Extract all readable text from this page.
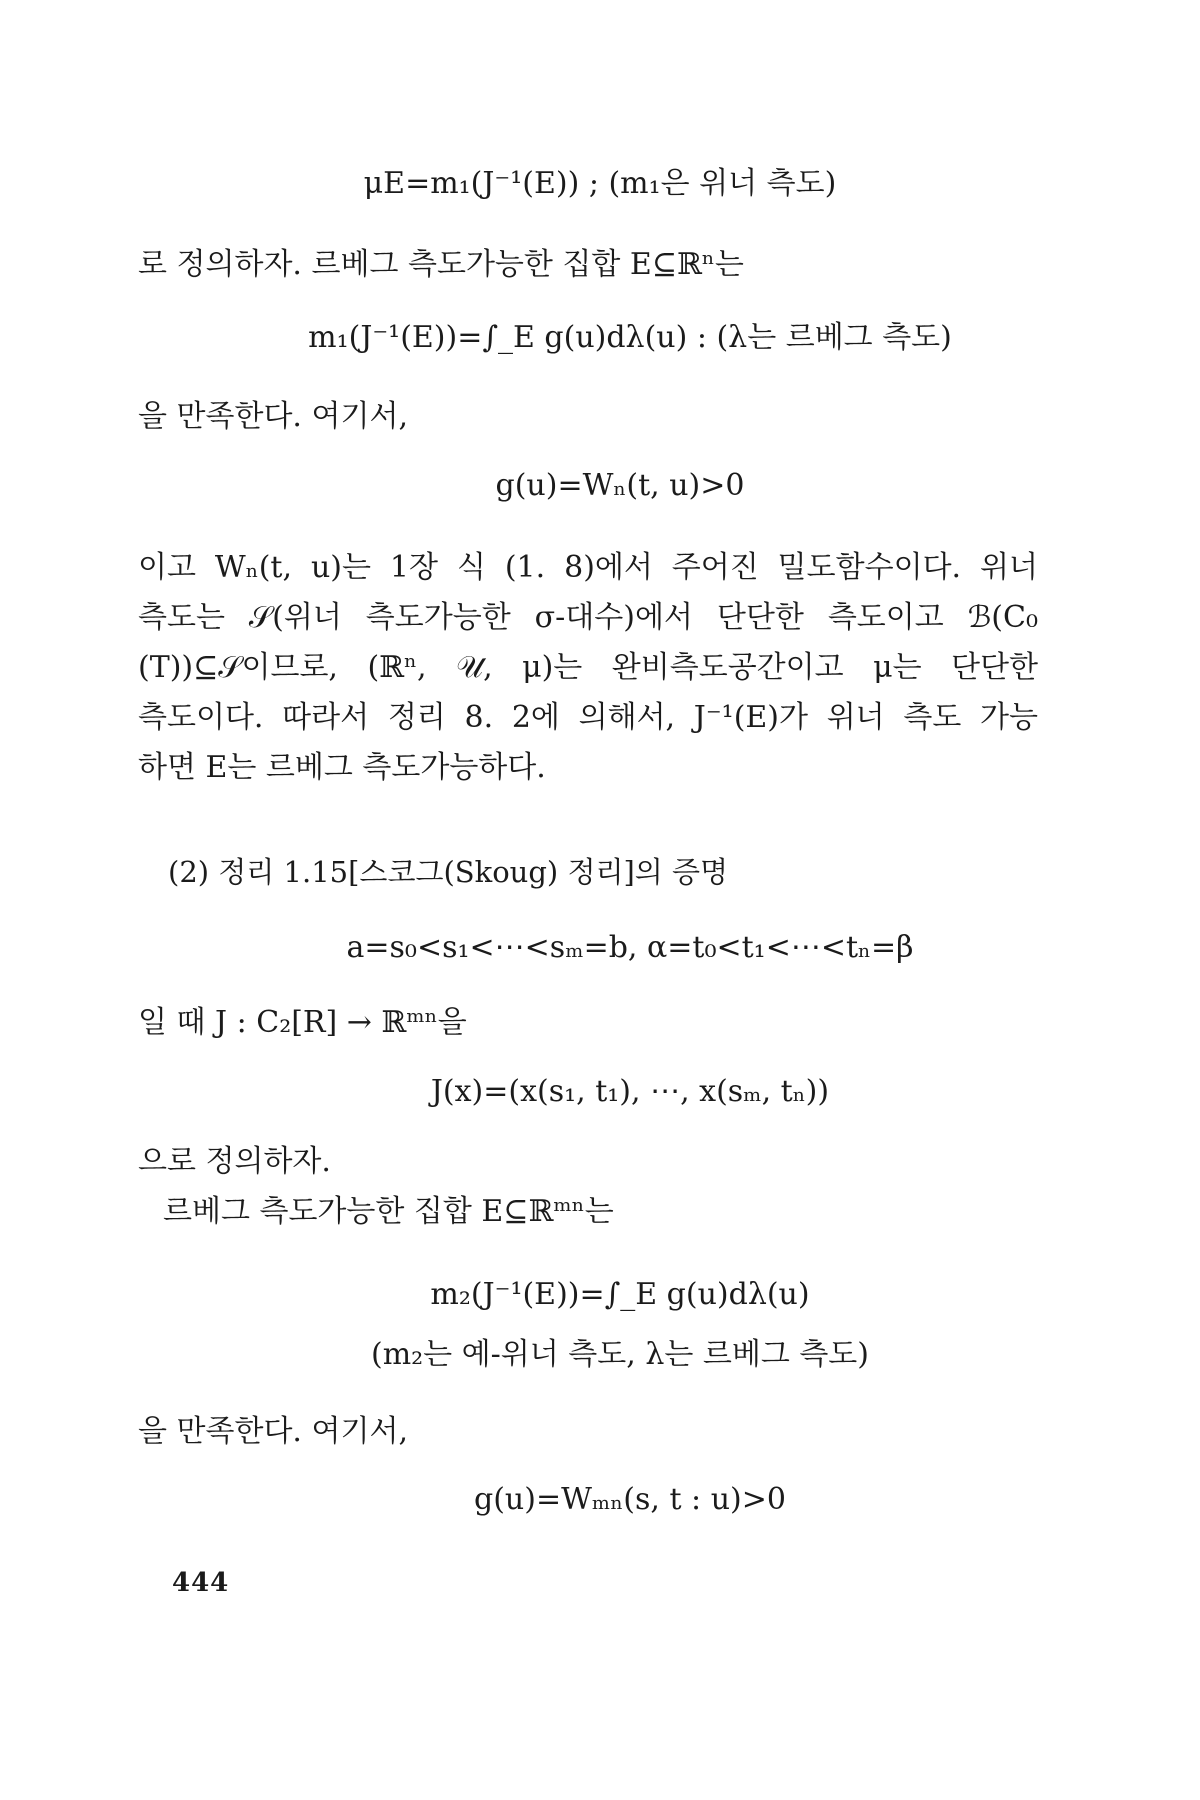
μE=m₁(J⁻¹(E)) ; (m₁은 위너 측도)
로 정의하자. 르베그 측도가능한 집합 E⊆ℝⁿ는
m₁(J⁻¹(E))=∫_E g(u)dλ(u) : (λ는 르베그 측도)
을 만족한다. 여기서,
g(u)=Wₙ(t, u)>0
이고 Wₙ(t, u)는 1장 식 (1. 8)에서 주어진 밀도함수이다. 위너
측도는 𝒮(위너 측도가능한 σ-대수)에서 단단한 측도이고 ℬ(C₀
(T))⊆𝒮이므로, (ℝⁿ, 𝒰, μ)는 완비측도공간이고 μ는 단단한
측도이다. 따라서 정리 8. 2에 의해서, J⁻¹(E)가 위너 측도 가능
하면 E는 르베그 측도가능하다.
(2) 정리 1.15[스코그(Skoug) 정리]의 증명
a=s₀<s₁<⋯<sₘ=b, α=t₀<t₁<⋯<tₙ=β
일 때 J : C₂[R] → ℝᵐⁿ을
J(x)=(x(s₁, t₁), ⋯, x(sₘ, tₙ))
으로 정의하자.
르베그 측도가능한 집합 E⊆ℝᵐⁿ는
m₂(J⁻¹(E))=∫_E g(u)dλ(u)
(m₂는 예-위너 측도, λ는 르베그 측도)
을 만족한다. 여기서,
g(u)=Wₘₙ(s, t : u)>0
444
